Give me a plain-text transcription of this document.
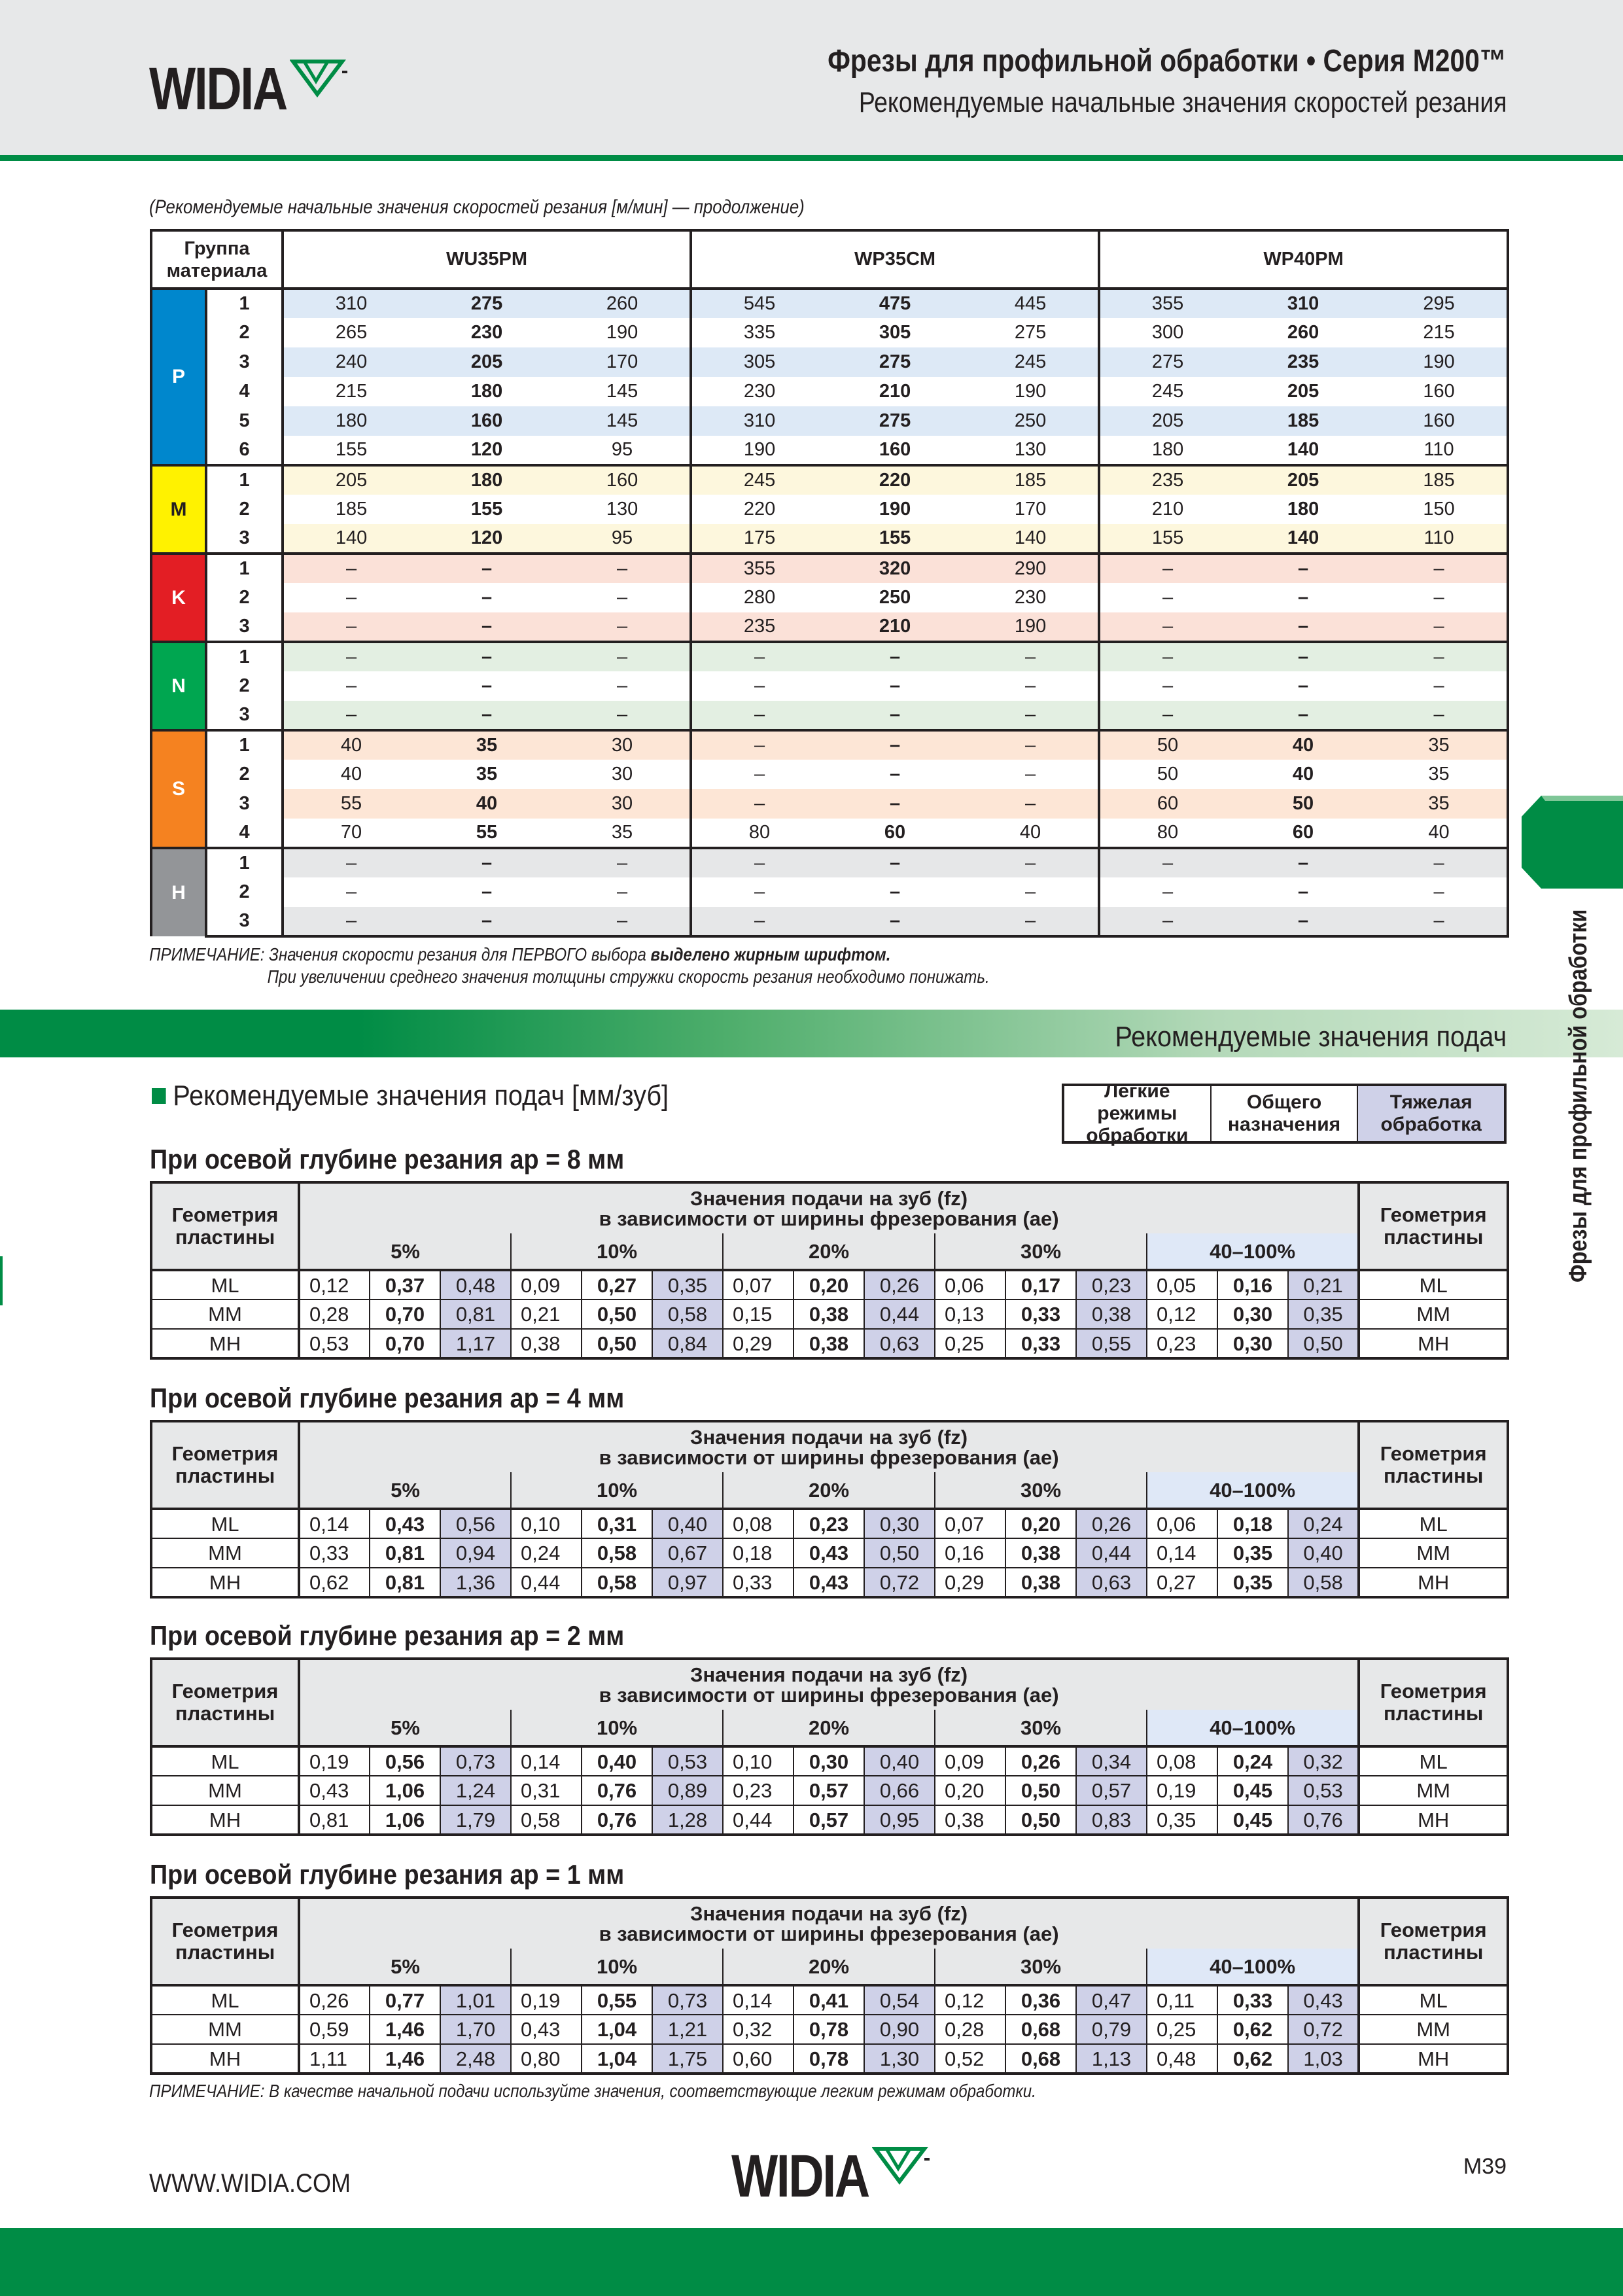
WIDIA	Фрезы для профильной обработки • Серия M200™
Рекомендуемые начальные значения скоростей резания
(Рекомендуемые начальные значения скоростей резания [м/мин] — продолжение)
Группа материала		WU35PM			WP35CM			WP40PM		
P	1	310	275	260	545	475	445	355	310	295
	2	265	230	190	335	305	275	300	260	215
	3	240	205	170	305	275	245	275	235	190
	4	215	180	145	230	210	190	245	205	160
	5	180	160	145	310	275	250	205	185	160
	6	155	120	95	190	160	130	180	140	110
M	1	205	180	160	245	220	185	235	205	185
	2	185	155	130	220	190	170	210	180	150
	3	140	120	95	175	155	140	155	140	110
K	1	–	–	–	355	320	290	–	–	–
	2	–	–	–	280	250	230	–	–	–
	3	–	–	–	235	210	190	–	–	–
N	1	–	–	–	–	–	–	–	–	–
	2	–	–	–	–	–	–	–	–	–
	3	–	–	–	–	–	–	–	–	–
S	1	40	35	30	–	–	–	50	40	35
	2	40	35	30	–	–	–	50	40	35
	3	55	40	30	–	–	–	60	50	35
	4	70	55	35	80	60	40	80	60	40
H	1	–	–	–	–	–	–	–	–	–
	2	–	–	–	–	–	–	–	–	–
	3	–	–	–	–	–	–	–	–	–
ПРИМЕЧАНИЕ: Значения скорости резания для ПЕРВОГО выбора выделено жирным шрифтом.
При увеличении среднего значения толщины стружки скорость резания необходимо понижать.
Рекомендуемые значения подач
Рекомендуемые значения подач [мм/зуб]	Легкие режимы обработки
Общего назначения
Тяжелая обработка
При осевой глубине резания ap = 8 мм
Геометрия пластины	Значения подачи на зуб (fz)
в зависимости от ширины фрезерования (ae)															Геометрия пластины
	5%			10%			20%			30%			40–100%			
ML	0,12	0,37	0,48	0,09	0,27	0,35	0,07	0,20	0,26	0,06	0,17	0,23	0,05	0,16	0,21	ML
MM	0,28	0,70	0,81	0,21	0,50	0,58	0,15	0,38	0,44	0,13	0,33	0,38	0,12	0,30	0,35	MM
MH	0,53	0,70	1,17	0,38	0,50	0,84	0,29	0,38	0,63	0,25	0,33	0,55	0,23	0,30	0,50	MH
При осевой глубине резания ap = 4 мм
Геометрия пластины	Значения подачи на зуб (fz)
в зависимости от ширины фрезерования (ae)															Геометрия пластины
	5%			10%			20%			30%			40–100%			
ML	0,14	0,43	0,56	0,10	0,31	0,40	0,08	0,23	0,30	0,07	0,20	0,26	0,06	0,18	0,24	ML
MM	0,33	0,81	0,94	0,24	0,58	0,67	0,18	0,43	0,50	0,16	0,38	0,44	0,14	0,35	0,40	MM
MH	0,62	0,81	1,36	0,44	0,58	0,97	0,33	0,43	0,72	0,29	0,38	0,63	0,27	0,35	0,58	MH
При осевой глубине резания ap = 2 мм
Геометрия пластины	Значения подачи на зуб (fz)
в зависимости от ширины фрезерования (ae)															Геометрия пластины
	5%			10%			20%			30%			40–100%			
ML	0,19	0,56	0,73	0,14	0,40	0,53	0,10	0,30	0,40	0,09	0,26	0,34	0,08	0,24	0,32	ML
MM	0,43	1,06	1,24	0,31	0,76	0,89	0,23	0,57	0,66	0,20	0,50	0,57	0,19	0,45	0,53	MM
MH	0,81	1,06	1,79	0,58	0,76	1,28	0,44	0,57	0,95	0,38	0,50	0,83	0,35	0,45	0,76	MH
При осевой глубине резания ap = 1 мм
Геометрия пластины	Значения подачи на зуб (fz)
в зависимости от ширины фрезерования (ae)															Геометрия пластины
	5%			10%			20%			30%			40–100%			
ML	0,26	0,77	1,01	0,19	0,55	0,73	0,14	0,41	0,54	0,12	0,36	0,47	0,11	0,33	0,43	ML
MM	0,59	1,46	1,70	0,43	1,04	1,21	0,32	0,78	0,90	0,28	0,68	0,79	0,25	0,62	0,72	MM
MH	1,11	1,46	2,48	0,80	1,04	1,75	0,60	0,78	1,30	0,52	0,68	1,13	0,48	0,62	1,03	MH
ПРИМЕЧАНИЕ: В качестве начальной подачи используйте значения, соответствующие легким режимам обработки.
Фрезы для профильной обработки
WWW.WIDIA.COM	WIDIA	M39
